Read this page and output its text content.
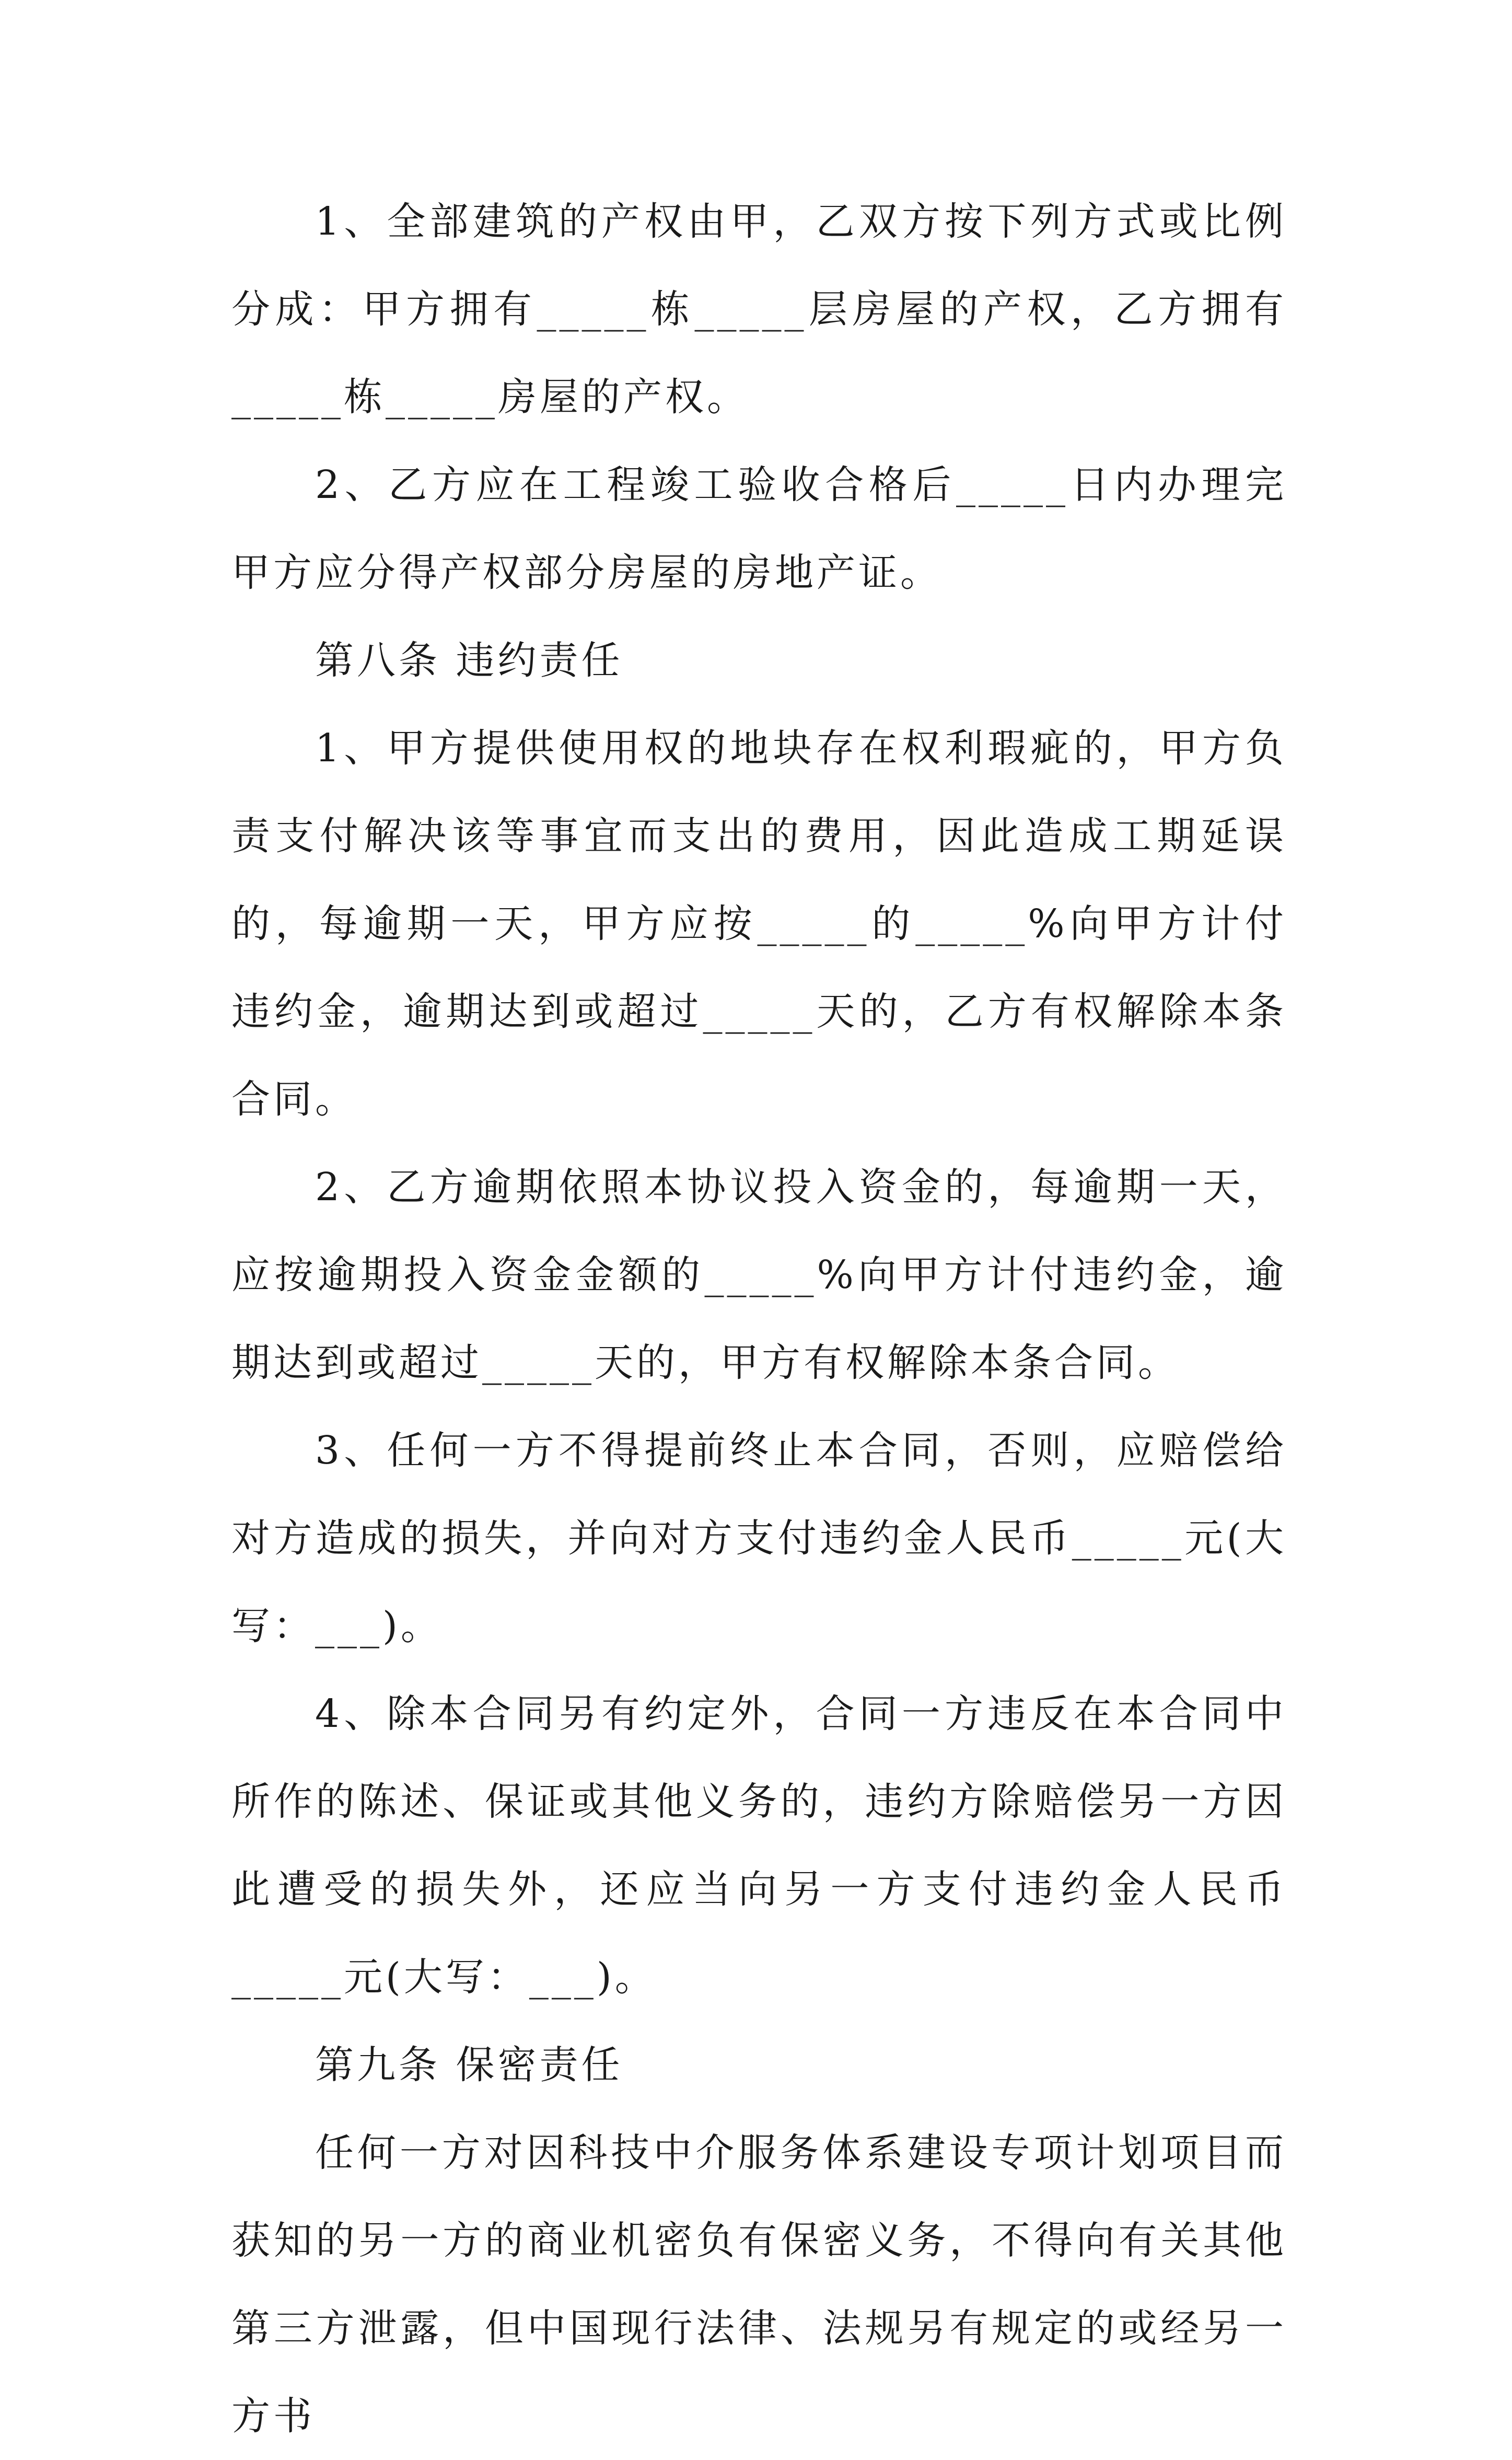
1、全部建筑的产权由甲，乙双方按下列方式或比例分成：甲方拥有_____栋_____层房屋的产权，乙方拥有_____栋_____房屋的产权。

2、乙方应在工程竣工验收合格后_____日内办理完甲方应分得产权部分房屋的房地产证。

第八条 违约责任

1、甲方提供使用权的地块存在权利瑕疵的，甲方负责支付解决该等事宜而支出的费用，因此造成工期延误的，每逾期一天，甲方应按_____的_____%向甲方计付违约金，逾期达到或超过_____天的，乙方有权解除本条合同。

2、乙方逾期依照本协议投入资金的，每逾期一天，应按逾期投入资金金额的_____%向甲方计付违约金，逾期达到或超过_____天的，甲方有权解除本条合同。

3、任何一方不得提前终止本合同，否则，应赔偿给对方造成的损失，并向对方支付违约金人民币_____元(大写：___)。

4、除本合同另有约定外，合同一方违反在本合同中所作的陈述、保证或其他义务的，违约方除赔偿另一方因此遭受的损失外，还应当向另一方支付违约金人民币_____元(大写：___)。

第九条 保密责任

任何一方对因科技中介服务体系建设专项计划项目而获知的另一方的商业机密负有保密义务，不得向有关其他第三方泄露，但中国现行法律、法规另有规定的或经另一方书
